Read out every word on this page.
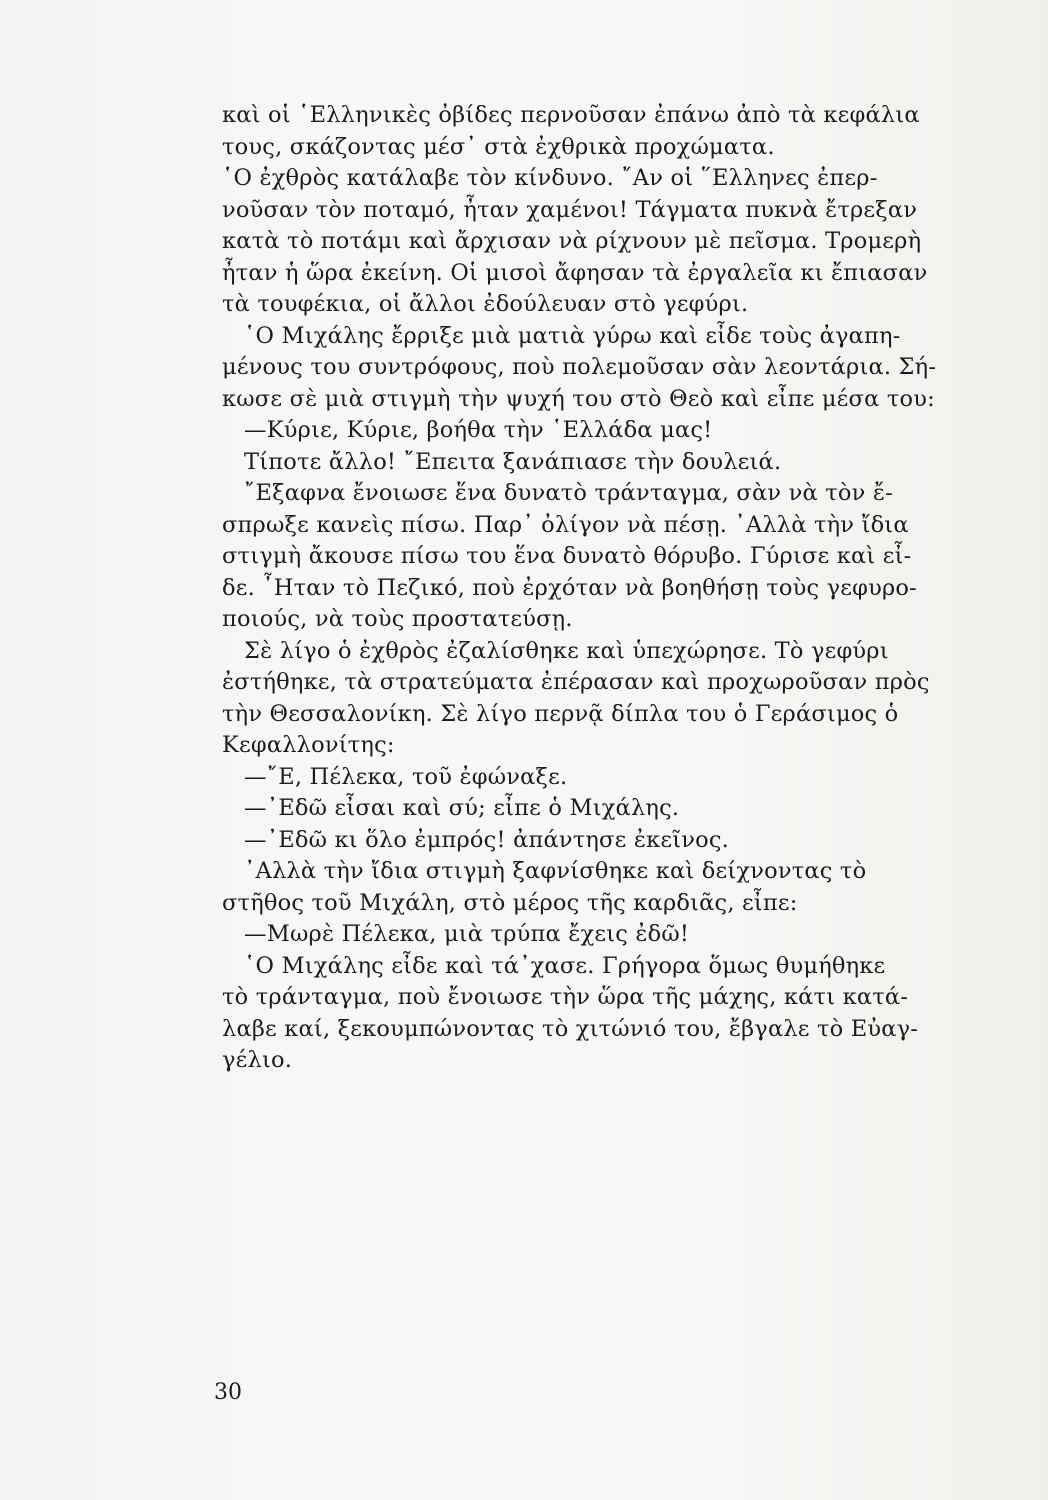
καὶ οἱ ῾Ελληνικὲς ὀβίδες περνοῦσαν ἐπάνω ἀπὸ τὰ κεφάλια
τους, σκάζοντας μέσ᾽ στὰ ἐχθρικὰ προχώματα.
῾Ο ἐχθρὸς κατάλαβε τὸν κίνδυνο. ῎Αν οἱ ῞Ελληνες ἐπερ-
νοῦσαν τὸν ποταμό, ἦταν χαμένοι! Τάγματα πυκνὰ ἔτρεξαν
κατὰ τὸ ποτάμι καὶ ἄρχισαν νὰ ρίχνουν μὲ πεῖσμα. Τρομερὴ
ἦταν ἡ ὥρα ἐκείνη. Οἱ μισοὶ ἄφησαν τὰ ἐργαλεῖα κι ἔπιασαν
τὰ τουφέκια, οἱ ἄλλοι ἐδούλευαν στὸ γεφύρι.
῾Ο Μιχάλης ἔρριξε μιὰ ματιὰ γύρω καὶ εἶδε τοὺς ἀγαπη-
μένους του συντρόφους, ποὺ πολεμοῦσαν σὰν λεοντάρια. Σή-
κωσε σὲ μιὰ στιγμὴ τὴν ψυχή του στὸ Θεὸ καὶ εἶπε μέσα του:
—Κύριε, Κύριε, βοήθα τὴν ῾Ελλάδα μας!
Τίποτε ἄλλο! ῎Επειτα ξανάπιασε τὴν δουλειά.
῎Εξαφνα ἔνοιωσε ἕνα δυνατὸ τράνταγμα, σὰν νὰ τὸν ἔ-
σπρωξε κανεὶς πίσω. Παρ᾽ ὀλίγον νὰ πέσῃ. ᾽Αλλὰ τὴν ἴδια
στιγμὴ ἄκουσε πίσω του ἕνα δυνατὸ θόρυβο. Γύρισε καὶ εἶ-
δε. ῏Ηταν τὸ Πεζικό, ποὺ ἐρχόταν νὰ βοηθήσῃ τοὺς γεφυρο-
ποιούς, νὰ τοὺς προστατεύσῃ.
Σὲ λίγο ὁ ἐχθρὸς ἐζαλίσθηκε καὶ ὑπεχώρησε. Τὸ γεφύρι
ἐστήθηκε, τὰ στρατεύματα ἐπέρασαν καὶ προχωροῦσαν πρὸς
τὴν Θεσσαλονίκη. Σὲ λίγο περνᾷ δίπλα του ὁ Γεράσιμος ὁ
Κεφαλλονίτης:
—῎Ε, Πέλεκα, τοῦ ἐφώναξε.
—᾽Εδῶ εἶσαι καὶ σύ; εἶπε ὁ Μιχάλης.
—᾽Εδῶ κι ὅλο ἐμπρός! ἀπάντησε ἐκεῖνος.
᾽Αλλὰ τὴν ἴδια στιγμὴ ξαφνίσθηκε καὶ δείχνοντας τὸ
στῆθος τοῦ Μιχάλη, στὸ μέρος τῆς καρδιᾶς, εἶπε:
—Μωρὲ Πέλεκα, μιὰ τρύπα ἔχεις ἐδῶ!
῾Ο Μιχάλης εἶδε καὶ τά᾽χασε. Γρήγορα ὅμως θυμήθηκε
τὸ τράνταγμα, ποὺ ἔνοιωσε τὴν ὥρα τῆς μάχης, κάτι κατά-
λαβε καί, ξεκουμπώνοντας τὸ χιτώνιό του, ἔβγαλε τὸ Εὐαγ-
γέλιο.
30
